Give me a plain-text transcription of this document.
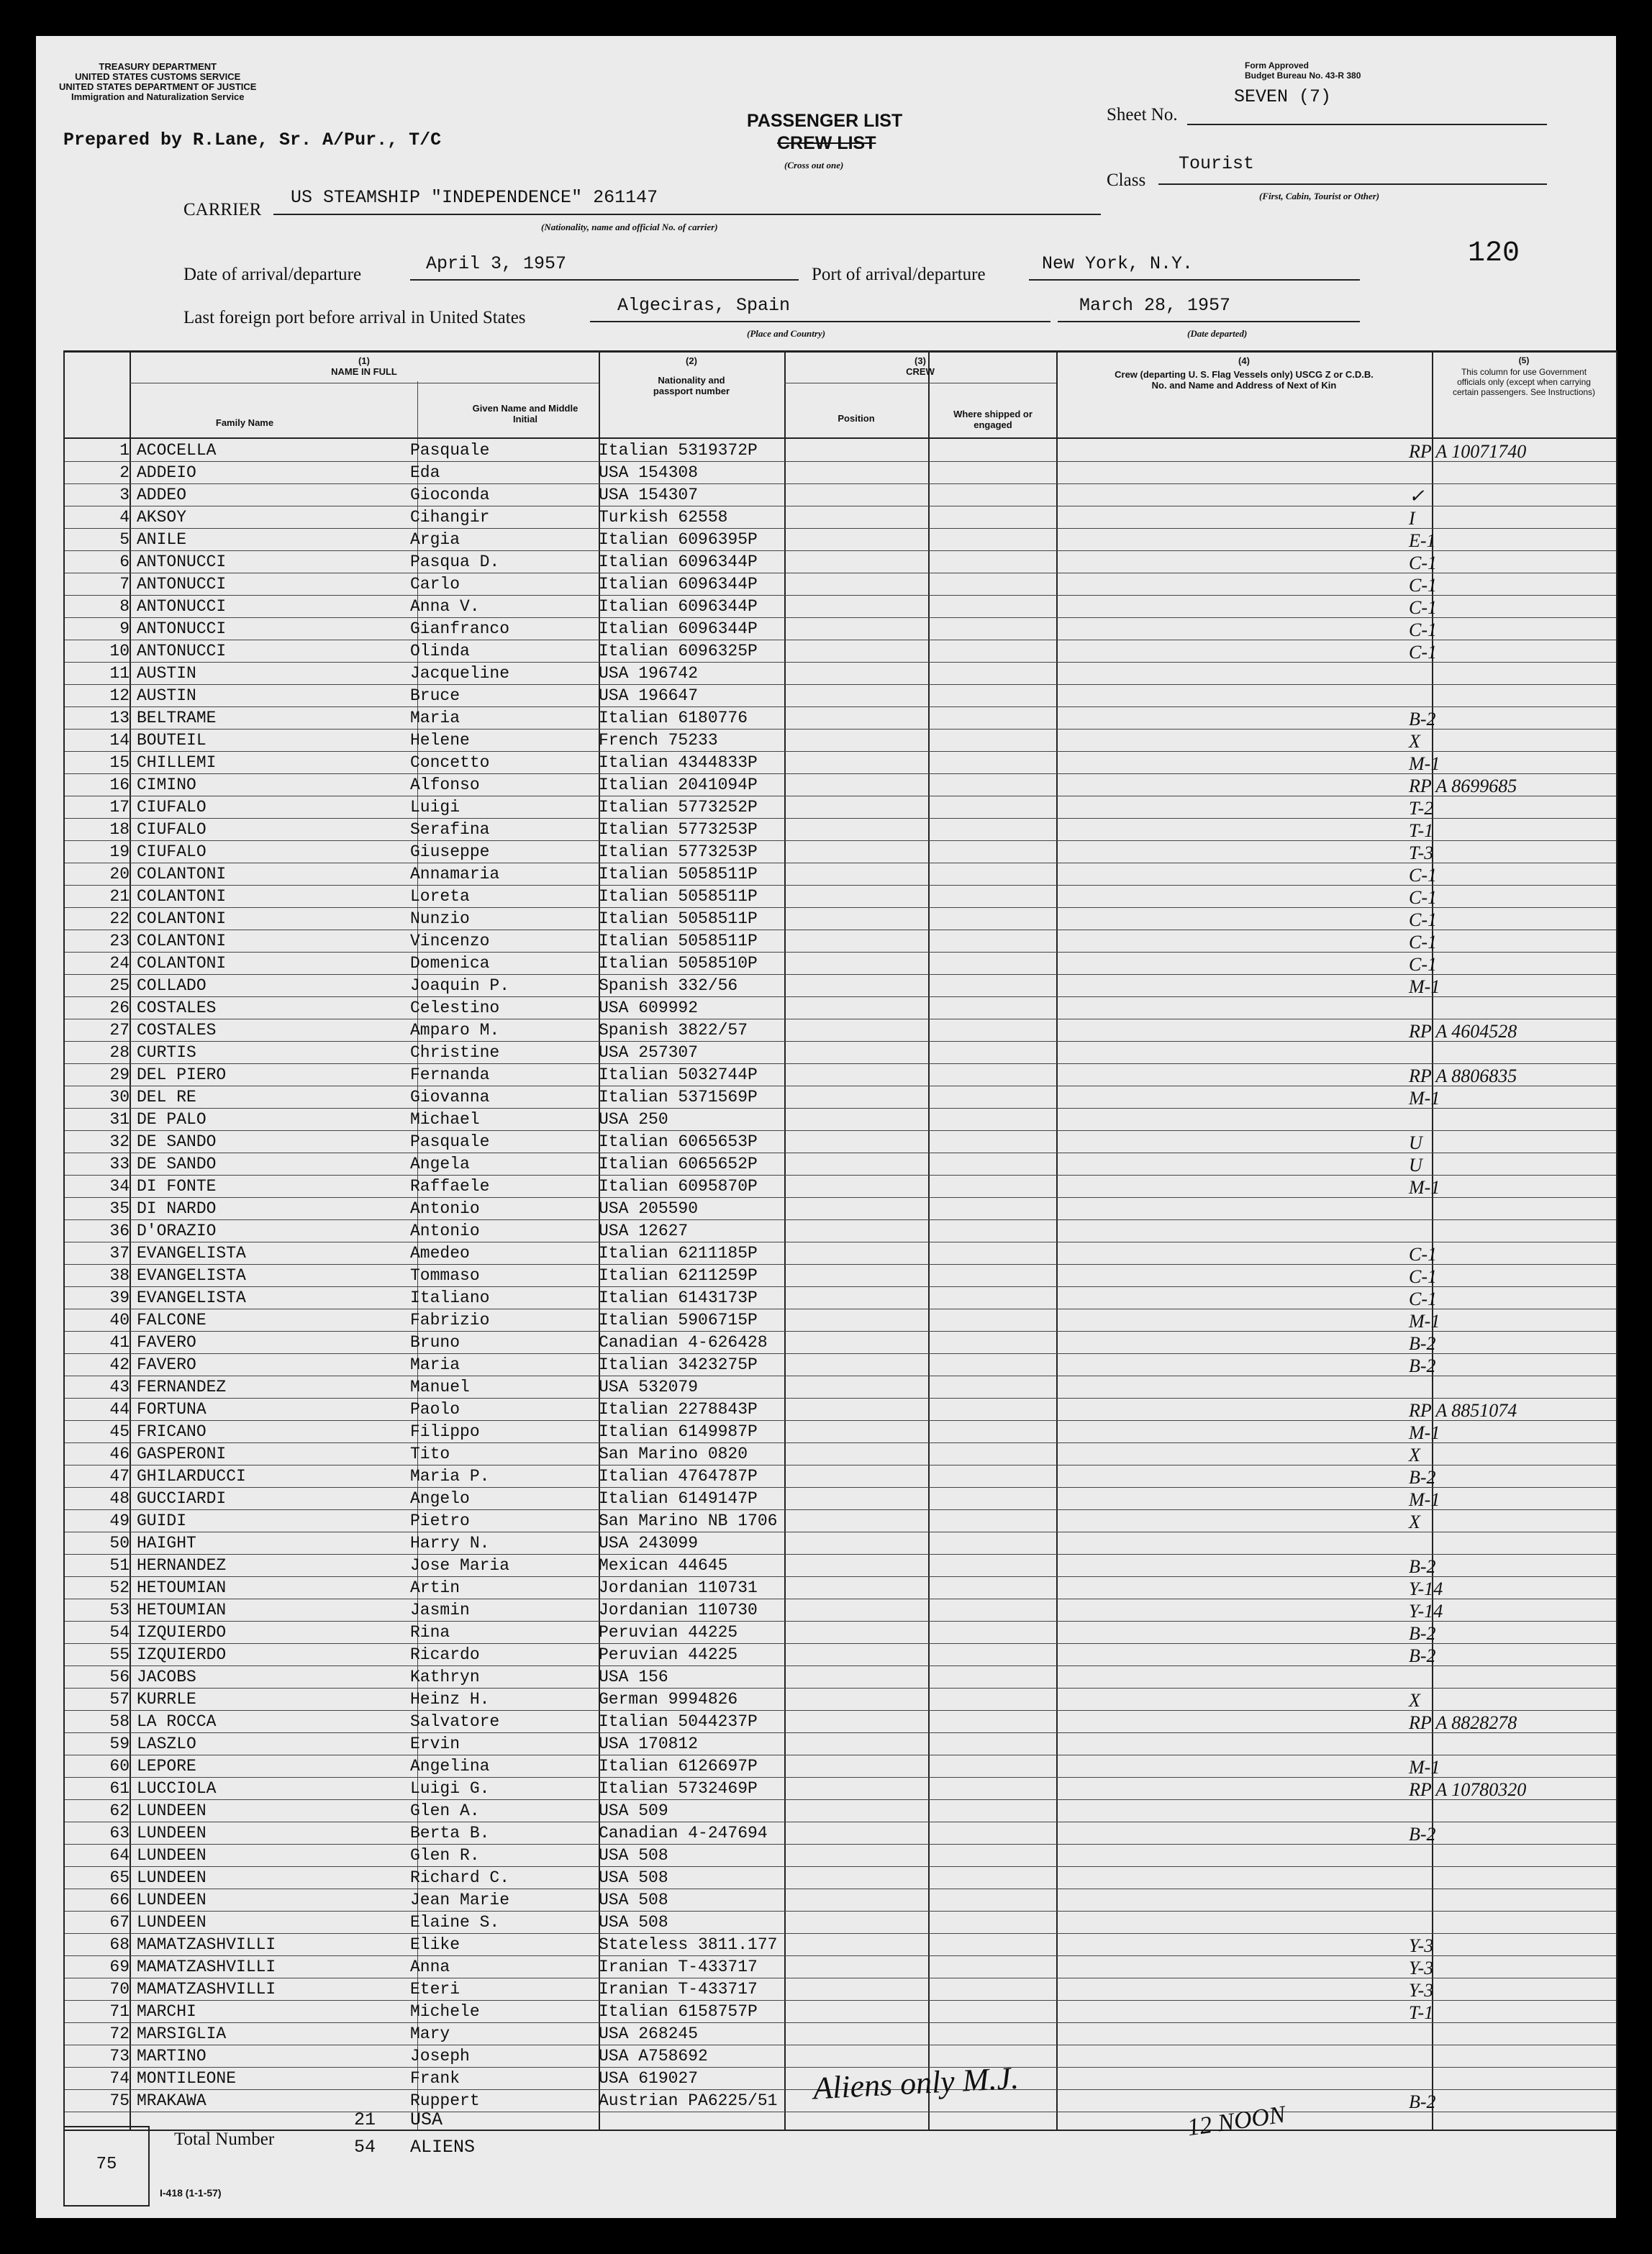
TREASURY DEPARTMENT
UNITED STATES CUSTOMS SERVICE
UNITED STATES DEPARTMENT OF JUSTICE
Immigration and Naturalization Service
Form Approved
Budget Bureau No. 43-R 380
Prepared by R.Lane, Sr. A/Pur., T/C
PASSENGER LIST
CREW LIST
(Cross out one)
Sheet No.
SEVEN (7)
Class
Tourist
(First, Cabin, Tourist or Other)
CARRIER
US STEAMSHIP "INDEPENDENCE" 261147
(Nationality, name and official No. of carrier)
Date of arrival/departure
April 3, 1957
Port of arrival/departure
New York, N.Y.	120
Last foreign port before arrival in United States
Algeciras, Spain
(Place and Country)
March 28, 1957
(Date departed)
(1)
NAME IN FULL
Family Name
Given Name and Middle Initial
(2)
Nationality and passport number
(3)
CREW
Position	Where shipped or engaged
(4)
Crew (departing U. S. Flag Vessels only) USCG Z or C.D.B. No. and Name and Address of Next of Kin
(5)
This column for use Government officials only (except when carrying certain passengers. See Instructions)
1 ACOCELLA	Pasquale	Italian 5319372P	RP A 10071740
2 ADDEIO	Eda	USA 154308
3 ADDEO	Gioconda	USA 154307	✓
4 AKSOY	Cihangir	Turkish 62558	I
5 ANILE	Argia	Italian 6096395P	E-1
6 ANTONUCCI	Pasqua D.	Italian 6096344P	C-1
7 ANTONUCCI	Carlo	Italian 6096344P	C-1
8 ANTONUCCI	Anna V.	Italian 6096344P	C-1
9 ANTONUCCI	Gianfranco	Italian 6096344P	C-1
10 ANTONUCCI	Olinda	Italian 6096325P	C-1
11 AUSTIN	Jacqueline	USA 196742
12 AUSTIN	Bruce	USA 196647
13 BELTRAME	Maria	Italian 6180776	B-2
14 BOUTEIL	Helene	French 75233	X
15 CHILLEMI	Concetto	Italian 4344833P	M-1
16 CIMINO	Alfonso	Italian 2041094P	RP A 8699685
17 CIUFALO	Luigi	Italian 5773252P	T-2
18 CIUFALO	Serafina	Italian 5773253P	T-1
19 CIUFALO	Giuseppe	Italian 5773253P	T-3
20 COLANTONI	Annamaria	Italian 5058511P	C-1
21 COLANTONI	Loreta	Italian 5058511P	C-1
22 COLANTONI	Nunzio	Italian 5058511P	C-1
23 COLANTONI	Vincenzo	Italian 5058511P	C-1
24 COLANTONI	Domenica	Italian 5058510P	C-1
25 COLLADO	Joaquin P.	Spanish 332/56	M-1
26 COSTALES	Celestino	USA 609992
27 COSTALES	Amparo M.	Spanish 3822/57	RP A 4604528
28 CURTIS	Christine	USA 257307
29 DEL PIERO	Fernanda	Italian 5032744P	RP A 8806835
30 DEL RE	Giovanna	Italian 5371569P	M-1
31 DE PALO	Michael	USA 250
32 DE SANDO	Pasquale	Italian 6065653P	U
33 DE SANDO	Angela	Italian 6065652P	U
34 DI FONTE	Raffaele	Italian 6095870P	M-1
35 DI NARDO	Antonio	USA 205590
36 D'ORAZIO	Antonio	USA 12627
37 EVANGELISTA	Amedeo	Italian 6211185P	C-1
38 EVANGELISTA	Tommaso	Italian 6211259P	C-1
39 EVANGELISTA	Italiano	Italian 6143173P	C-1
40 FALCONE	Fabrizio	Italian 5906715P	M-1
41 FAVERO	Bruno	Canadian 4-626428	B-2
42 FAVERO	Maria	Italian 3423275P	B-2
43 FERNANDEZ	Manuel	USA 532079
44 FORTUNA	Paolo	Italian 2278843P	RP A 8851074
45 FRICANO	Filippo	Italian 6149987P	M-1
46 GASPERONI	Tito	San Marino 0820	X
47 GHILARDUCCI	Maria P.	Italian 4764787P	B-2
48 GUCCIARDI	Angelo	Italian 6149147P	M-1
49 GUIDI	Pietro	San Marino NB 1706	X
50 HAIGHT	Harry N.	USA 243099
51 HERNANDEZ	Jose Maria	Mexican 44645	B-2
52 HETOUMIAN	Artin	Jordanian 110731	Y-14
53 HETOUMIAN	Jasmin	Jordanian 110730	Y-14
54 IZQUIERDO	Rina	Peruvian 44225	B-2
55 IZQUIERDO	Ricardo	Peruvian 44225	B-2
56 JACOBS	Kathryn	USA 156
57 KURRLE	Heinz H.	German 9994826	X
58 LA ROCCA	Salvatore	Italian 5044237P	RP A 8828278
59 LASZLO	Ervin	USA 170812
60 LEPORE	Angelina	Italian 6126697P	M-1
61 LUCCIOLA	Luigi G.	Italian 5732469P	RP A 10780320
62 LUNDEEN	Glen A.	USA 509
63 LUNDEEN	Berta B.	Canadian 4-247694	B-2
64 LUNDEEN	Glen R.	USA 508
65 LUNDEEN	Richard C.	USA 508
66 LUNDEEN	Jean Marie	USA 508
67 LUNDEEN	Elaine S.	USA 508
68 MAMATZASHVILLI	Elike	Stateless 3811.177	Y-3
69 MAMATZASHVILLI	Anna	Iranian T-433717	Y-3
70 MAMATZASHVILLI	Eteri	Iranian T-433717	Y-3
71 MARCHI	Michele	Italian 6158757P	T-1
72 MARSIGLIA	Mary	USA 268245
73 MARTINO	Joseph	USA A758692
74 MONTILEONE	Frank	USA 619027
75 MRAKAWA	Ruppert	Austrian PA6225/51	B-2
75
Total Number
21 USA
54 ALIENS
I-418 (1-1-57)
Aliens only M.J.
12 NOON
